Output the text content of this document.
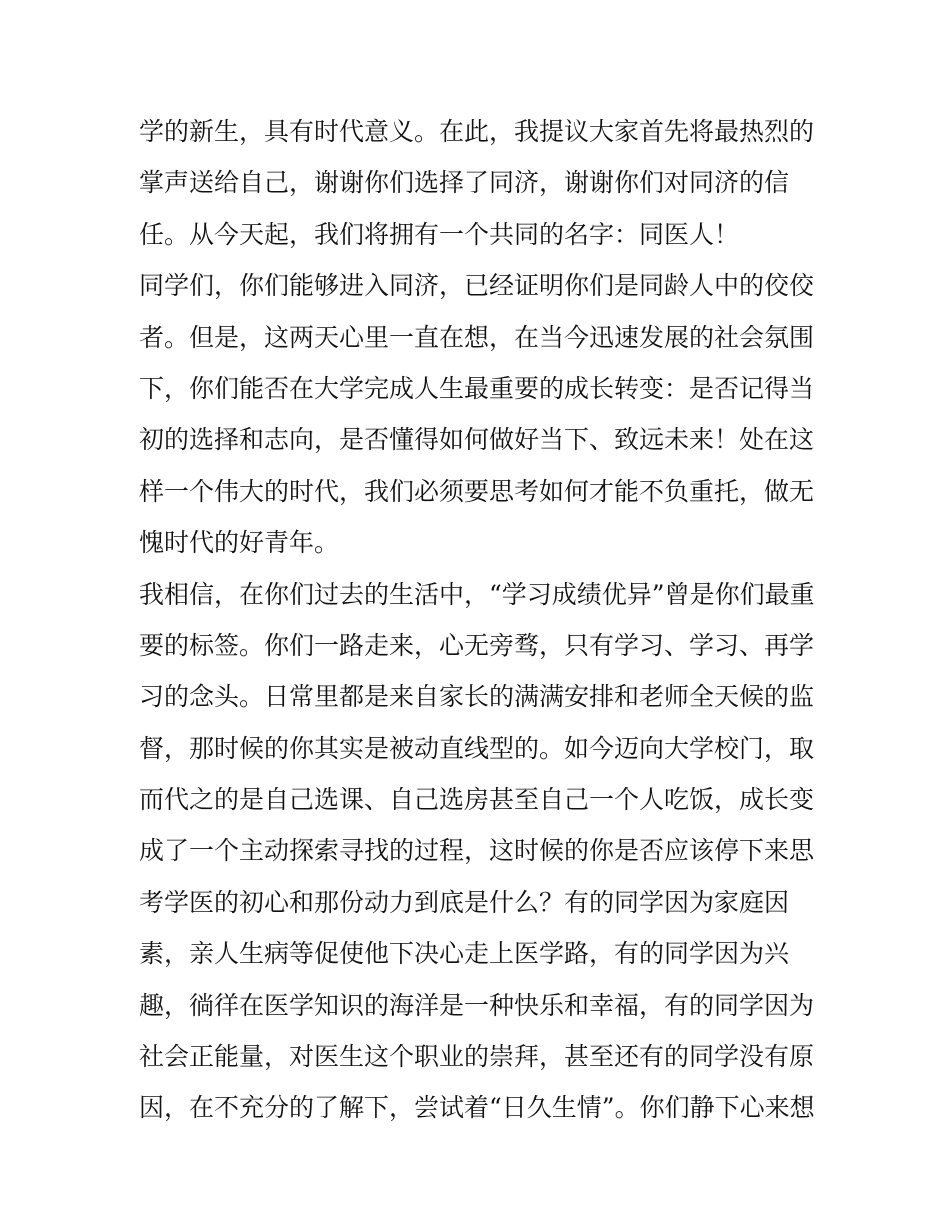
学的新生，具有时代意义。在此，我提议大家首先将最热烈的
掌声送给自己，谢谢你们选择了同济，谢谢你们对同济的信
任。从今天起，我们将拥有一个共同的名字：同医人！
同学们，你们能够进入同济，已经证明你们是同龄人中的佼佼
者。但是，这两天心里一直在想，在当今迅速发展的社会氛围
下，你们能否在大学完成人生最重要的成长转变：是否记得当
初的选择和志向，是否懂得如何做好当下、致远未来！处在这
样一个伟大的时代，我们必须要思考如何才能不负重托，做无
愧时代的好青年。
我相信，在你们过去的生活中，“学习成绩优异”曾是你们最重
要的标签。你们一路走来，心无旁骛，只有学习、学习、再学
习的念头。日常里都是来自家长的满满安排和老师全天候的监
督，那时候的你其实是被动直线型的。如今迈向大学校门，取
而代之的是自己选课、自己选房甚至自己一个人吃饭，成长变
成了一个主动探索寻找的过程，这时候的你是否应该停下来思
考学医的初心和那份动力到底是什么？有的同学因为家庭因
素，亲人生病等促使他下决心走上医学路，有的同学因为兴
趣，徜徉在医学知识的海洋是一种快乐和幸福，有的同学因为
社会正能量，对医生这个职业的崇拜，甚至还有的同学没有原
因，在不充分的了解下，尝试着“日久生情”。你们静下心来想
